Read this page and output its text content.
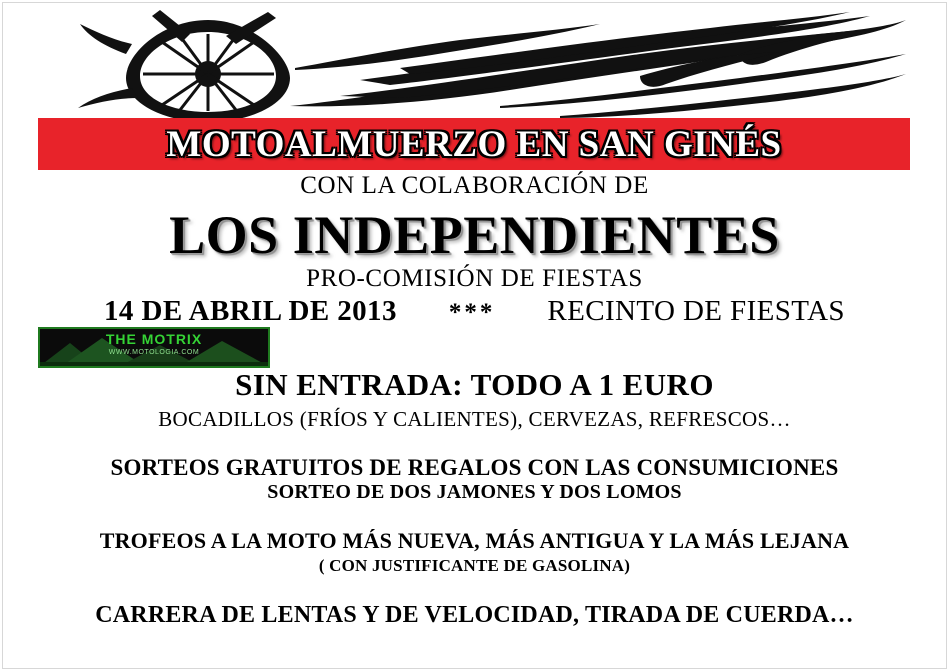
MOTOALMUERZO EN SAN GINÉS
CON LA COLABORACIÓN DE
LOS INDEPENDIENTES
PRO-COMISIÓN DE FIESTAS
14 DE ABRIL DE 2013 *** RECINTO DE FIESTAS
THE MOTRIX
WWW.MOTOLOGIA.COM
SIN ENTRADA: TODO A 1 EURO
BOCADILLOS (FRÍOS Y CALIENTES), CERVEZAS, REFRESCOS…
SORTEOS GRATUITOS DE REGALOS CON LAS CONSUMICIONES
SORTEO DE DOS JAMONES Y DOS LOMOS
TROFEOS A LA MOTO MÁS NUEVA, MÁS ANTIGUA Y LA MÁS LEJANA
( CON JUSTIFICANTE DE GASOLINA)
CARRERA DE LENTAS Y DE VELOCIDAD, TIRADA DE CUERDA…
